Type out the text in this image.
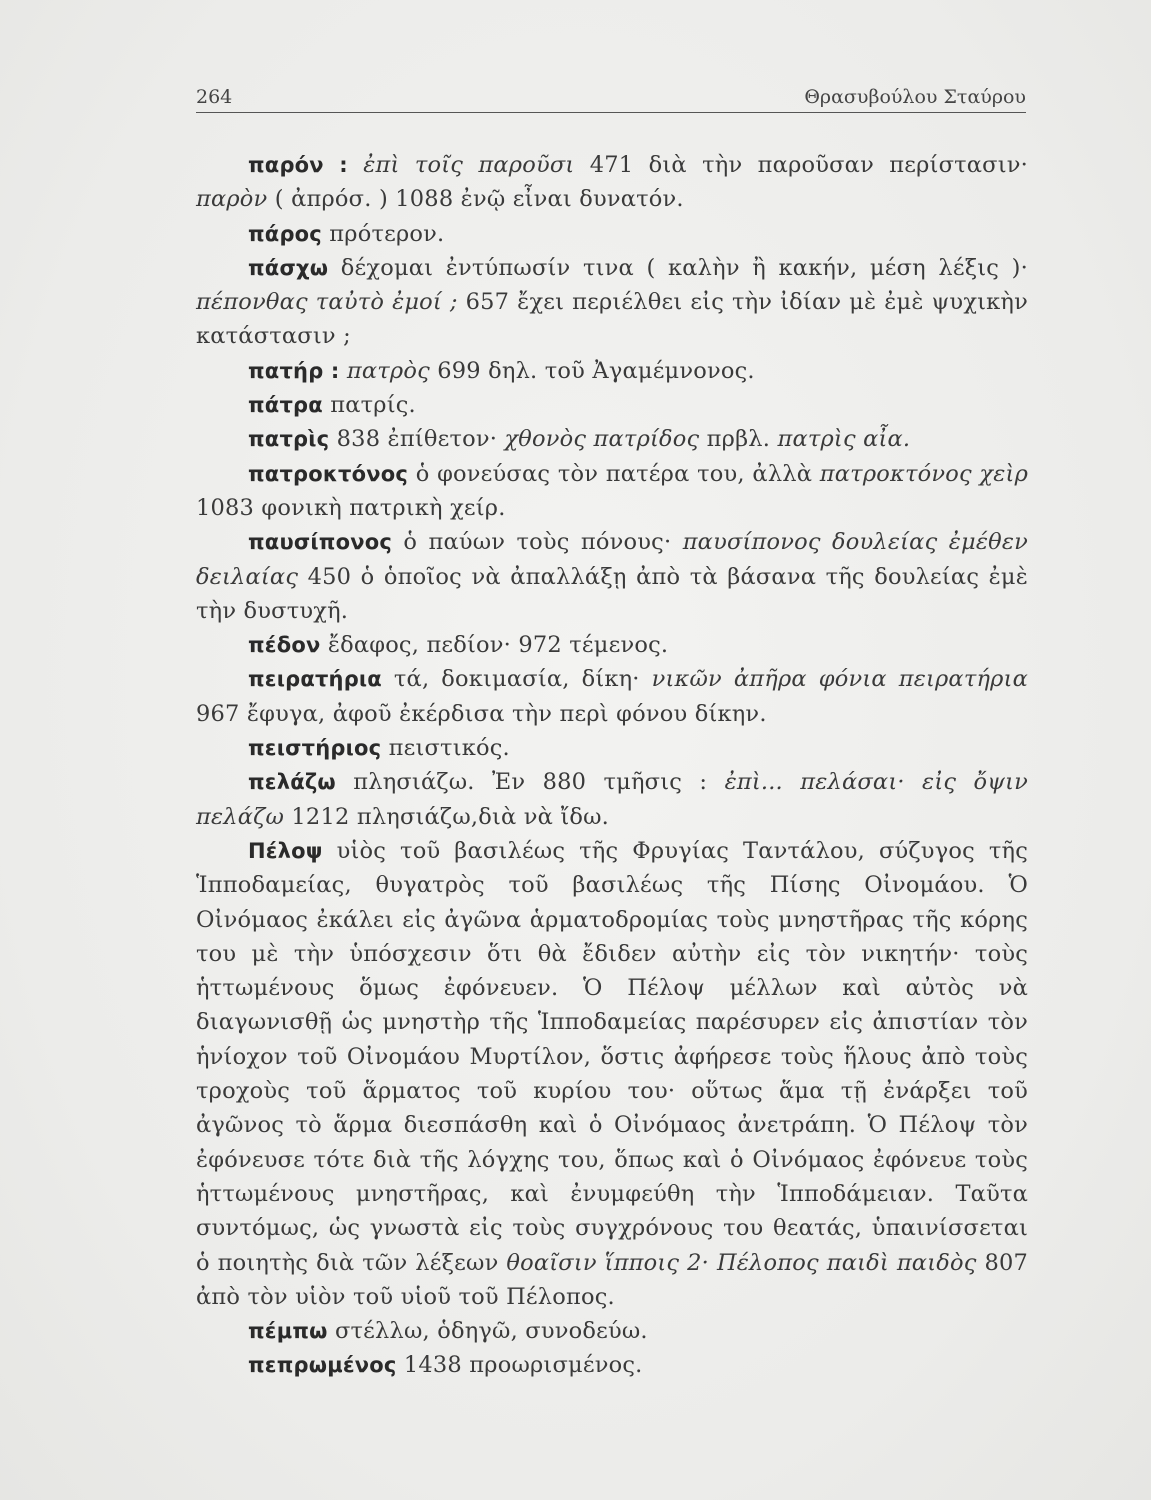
264	Θρασυβούλου Σταύρου

παρόν : ἐπὶ τοῖς παροῦσι 471 διὰ τὴν παροῦσαν περίστασιν· παρὸν ( ἀπρόσ. ) 1088 ἐνῷ εἶναι δυνατόν.

πάρος πρότερον.

πάσχω δέχομαι ἐντύπωσίν τινα ( καλὴν ἢ κακήν, μέση λέξις )· πέπονθας ταὐτὸ ἐμοί ; 657 ἔχει περιέλθει εἰς τὴν ἰδίαν μὲ ἐμὲ ψυχικὴν κατάστασιν ;

πατήρ : πατρὸς 699 δηλ. τοῦ Ἀγαμέμνονος.

πάτρα πατρίς.

πατρὶς 838 ἐπίθετον· χθονὸς πατρίδος πρβλ. πατρὶς αἶα.

πατροκτόνος ὁ φονεύσας τὸν πατέρα του, ἀλλὰ πατροκτόνος χεὶρ 1083 φονικὴ πατρικὴ χείρ.

παυσίπονος ὁ παύων τοὺς πόνους· παυσίπονος δουλείας ἐμέθεν δειλαίας 450 ὁ ὁποῖος νὰ ἀπαλλάξῃ ἀπὸ τὰ βάσανα τῆς δουλείας ἐμὲ τὴν δυστυχῆ.

πέδον ἔδαφος, πεδίον· 972 τέμενος.

πειρατήρια τά, δοκιμασία, δίκη· νικῶν ἀπῆρα φόνια πειρατήρια 967 ἔφυγα, ἀφοῦ ἐκέρδισα τὴν περὶ φόνου δίκην.

πειστήριος πειστικός.

πελάζω πλησιάζω. Ἐν 880 τμῆσις : ἐπὶ... πελάσαι· εἰς ὄψιν πελάζω 1212 πλησιάζω,διὰ νὰ ἴδω.

Πέλοψ υἱὸς τοῦ βασιλέως τῆς Φρυγίας Ταντάλου, σύζυγος τῆς Ἱπποδαμείας, θυγατρὸς τοῦ βασιλέως τῆς Πίσης Οἰνομάου. Ὁ Οἰνόμαος ἐκάλει εἰς ἀγῶνα ἁρματοδρομίας τοὺς μνηστῆρας τῆς κόρης του μὲ τὴν ὑπόσχεσιν ὅτι θὰ ἔδιδεν αὐτὴν εἰς τὸν νικητήν· τοὺς ἡττωμένους ὅμως ἐφόνευεν. Ὁ Πέλοψ μέλλων καὶ αὐτὸς νὰ διαγωνισθῇ ὡς μνηστὴρ τῆς Ἱπποδαμείας παρέσυρεν εἰς ἀπιστίαν τὸν ἡνίοχον τοῦ Οἰνομάου Μυρτίλον, ὅστις ἀφήρεσε τοὺς ἥλους ἀπὸ τοὺς τροχοὺς τοῦ ἅρματος τοῦ κυρίου του· οὕτως ἅμα τῇ ἐνάρξει τοῦ ἀγῶνος τὸ ἅρμα διεσπάσθη καὶ ὁ Οἰνόμαος ἀνετράπη. Ὁ Πέλοψ τὸν ἐφόνευσε τότε διὰ τῆς λόγχης του, ὅπως καὶ ὁ Οἰνόμαος ἐφόνευε τοὺς ἡττωμένους μνηστῆρας, καὶ ἐνυμφεύθη τὴν Ἱπποδάμειαν. Ταῦτα συντόμως, ὡς γνωστὰ εἰς τοὺς συγχρόνους του θεατάς, ὑπαινίσσεται ὁ ποιητὴς διὰ τῶν λέξεων θοαῖσιν ἵπποις 2· Πέλοπος παιδὶ παιδὸς 807 ἀπὸ τὸν υἱὸν τοῦ υἱοῦ τοῦ Πέλοπος.

πέμπω στέλλω, ὁδηγῶ, συνοδεύω.

πεπρωμένος 1438 προωρισμένος.
